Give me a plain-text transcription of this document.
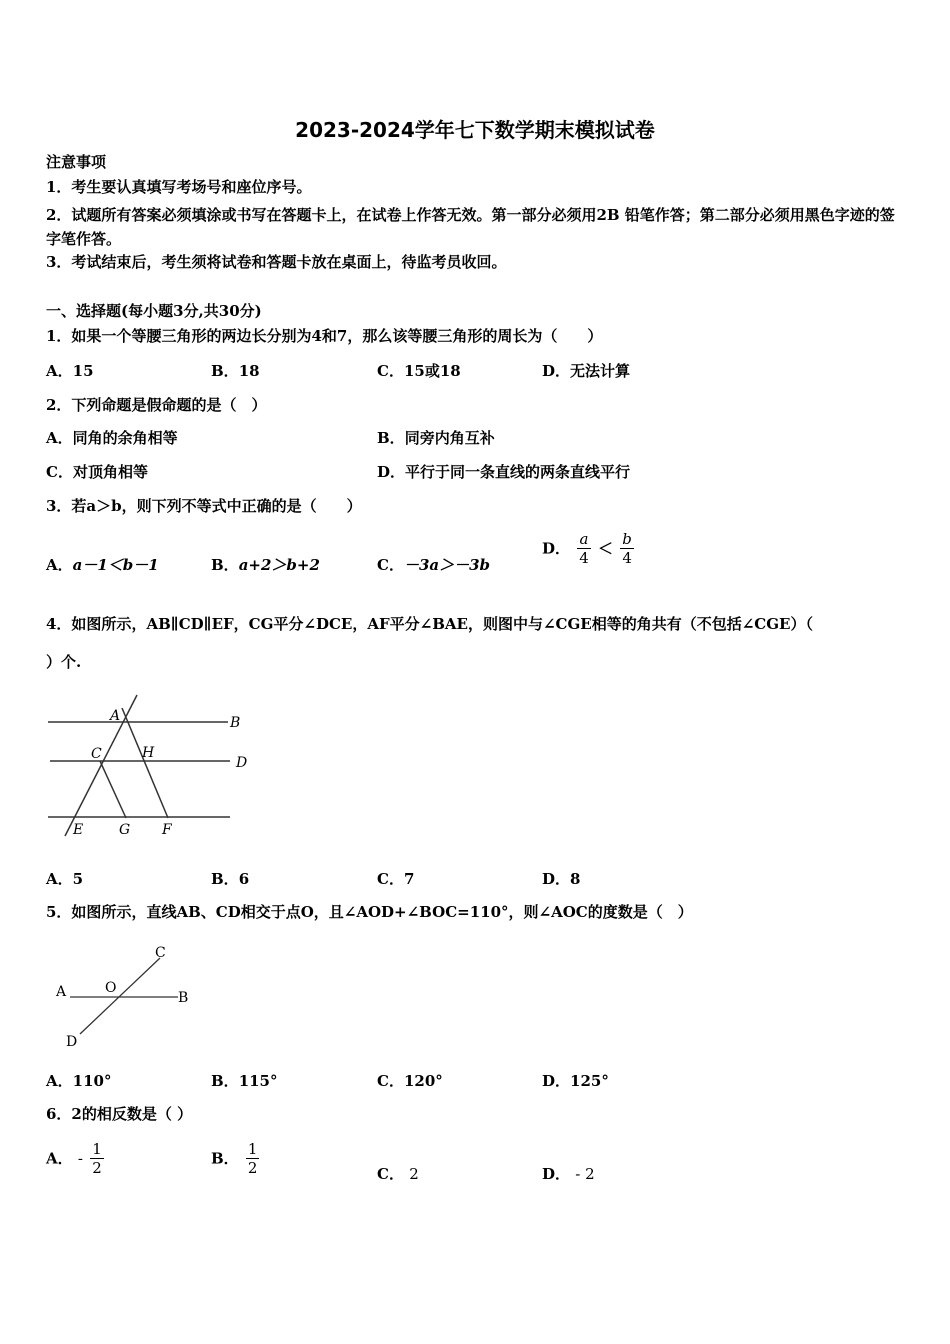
2023-2024学年七下数学期末模拟试卷
注意事项
1．考生要认真填写考场号和座位序号。
2．试题所有答案必须填涂或书写在答题卡上，在试卷上作答无效。第一部分必须用2B 铅笔作答；第二部分必须用黑色字迹的签字笔作答。
3．考试结束后，考生须将试卷和答题卡放在桌面上，待监考员收回。
一、选择题(每小题3分,共30分)
1．如果一个等腰三角形的两边长分别为4和7，那么该等腰三角形的周长为（　　）
A．15	B．18	C．15或18	D．无法计算
2．下列命题是假命题的是（　）
A．同角的余角相等	B．同旁内角互补
C．对顶角相等	D．平行于同一条直线的两条直线平行
3．若a＞b，则下列不等式中正确的是（　　）
A．a－1＜b－1	B．a+2＞b+2	C．－3a＞－3b
D． $\frac{a}{4} < \frac{b}{4}$
4．如图所示，AB∥CD∥EF，CG平分∠DCE，AF平分∠BAE，则图中与∠CGE相等的角共有（不包括∠CGE）（
）个.
A	B
C	H
D
E	G F
A．5	B．6	C．7	D．8
5．如图所示，直线AB、CD相交于点O，且∠AOD+∠BOC=110°，则∠AOC的度数是（　）
C
A	O
B
D
A．110°	B．115°	C．120°	D．125°
6．2的相反数是（ ）
A． - $\frac{1}{2}$	B． $\frac{1}{2}$	C． 2	D． - 2
